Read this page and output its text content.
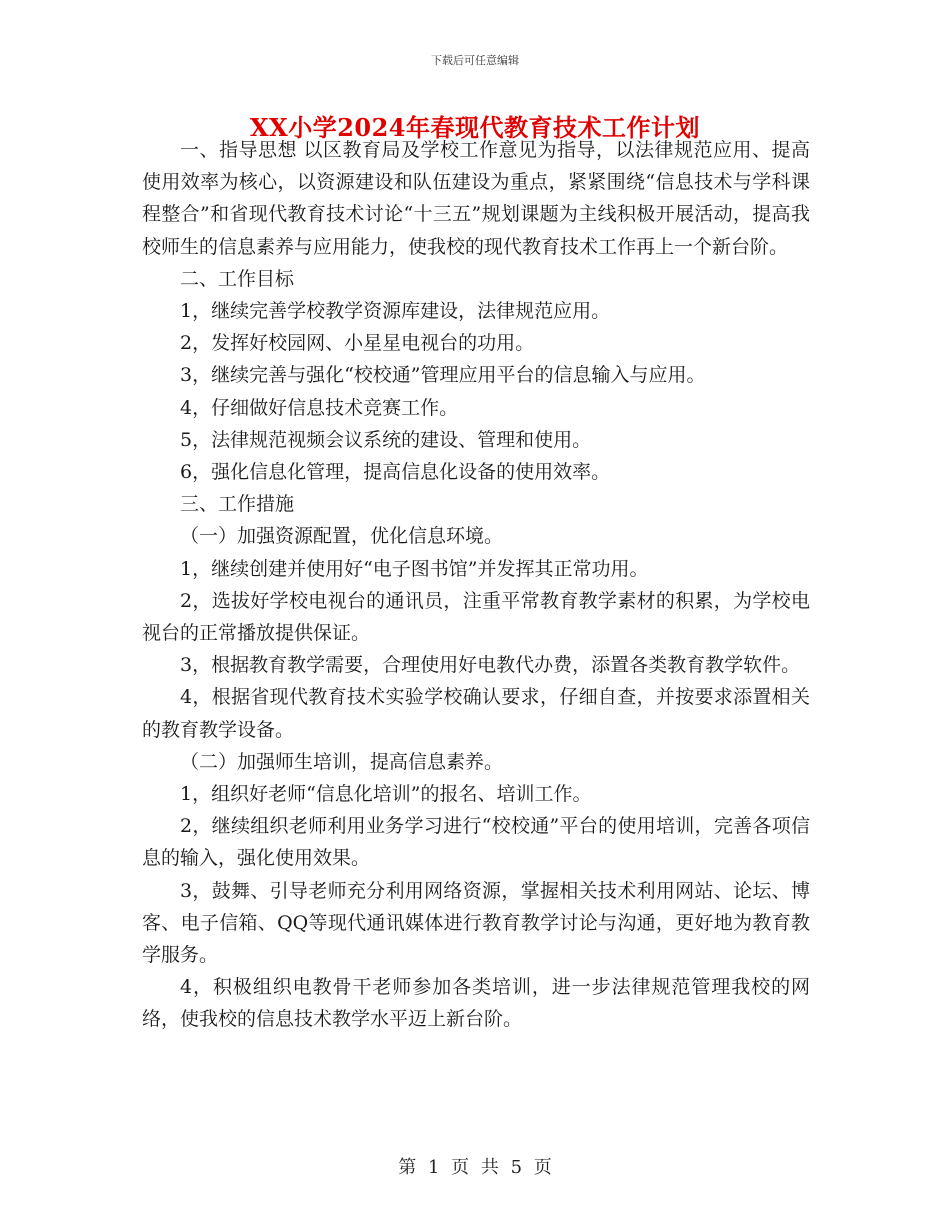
下载后可任意编辑
XX小学2024年春现代教育技术工作计划

一、指导思想 以区教育局及学校工作意见为指导，以法律规范应用、提高使用效率为核心，以资源建设和队伍建设为重点，紧紧围绕“信息技术与学科课程整合”和省现代教育技术讨论“十三五”规划课题为主线积极开展活动，提高我校师生的信息素养与应用能力，使我校的现代教育技术工作再上一个新台阶。

二、工作目标

1，继续完善学校教学资源库建设，法律规范应用。

2，发挥好校园网、小星星电视台的功用。

3，继续完善与强化“校校通”管理应用平台的信息输入与应用。

4，仔细做好信息技术竞赛工作。

5，法律规范视频会议系统的建设、管理和使用。

6，强化信息化管理，提高信息化设备的使用效率。

三、工作措施

（一）加强资源配置，优化信息环境。

1，继续创建并使用好“电子图书馆”并发挥其正常功用。

2，选拔好学校电视台的通讯员，注重平常教育教学素材的积累，为学校电视台的正常播放提供保证。

3，根据教育教学需要，合理使用好电教代办费，添置各类教育教学软件。

4，根据省现代教育技术实验学校确认要求，仔细自查，并按要求添置相关的教育教学设备。

（二）加强师生培训，提高信息素养。

1，组织好老师“信息化培训”的报名、培训工作。

2，继续组织老师利用业务学习进行“校校通”平台的使用培训，完善各项信息的输入，强化使用效果。

3，鼓舞、引导老师充分利用网络资源，掌握相关技术利用网站、论坛、博客、电子信箱、QQ等现代通讯媒体进行教育教学讨论与沟通，更好地为教育教学服务。

4，积极组织电教骨干老师参加各类培训，进一步法律规范管理我校的网络，使我校的信息技术教学水平迈上新台阶。

第 1 页 共 5 页
